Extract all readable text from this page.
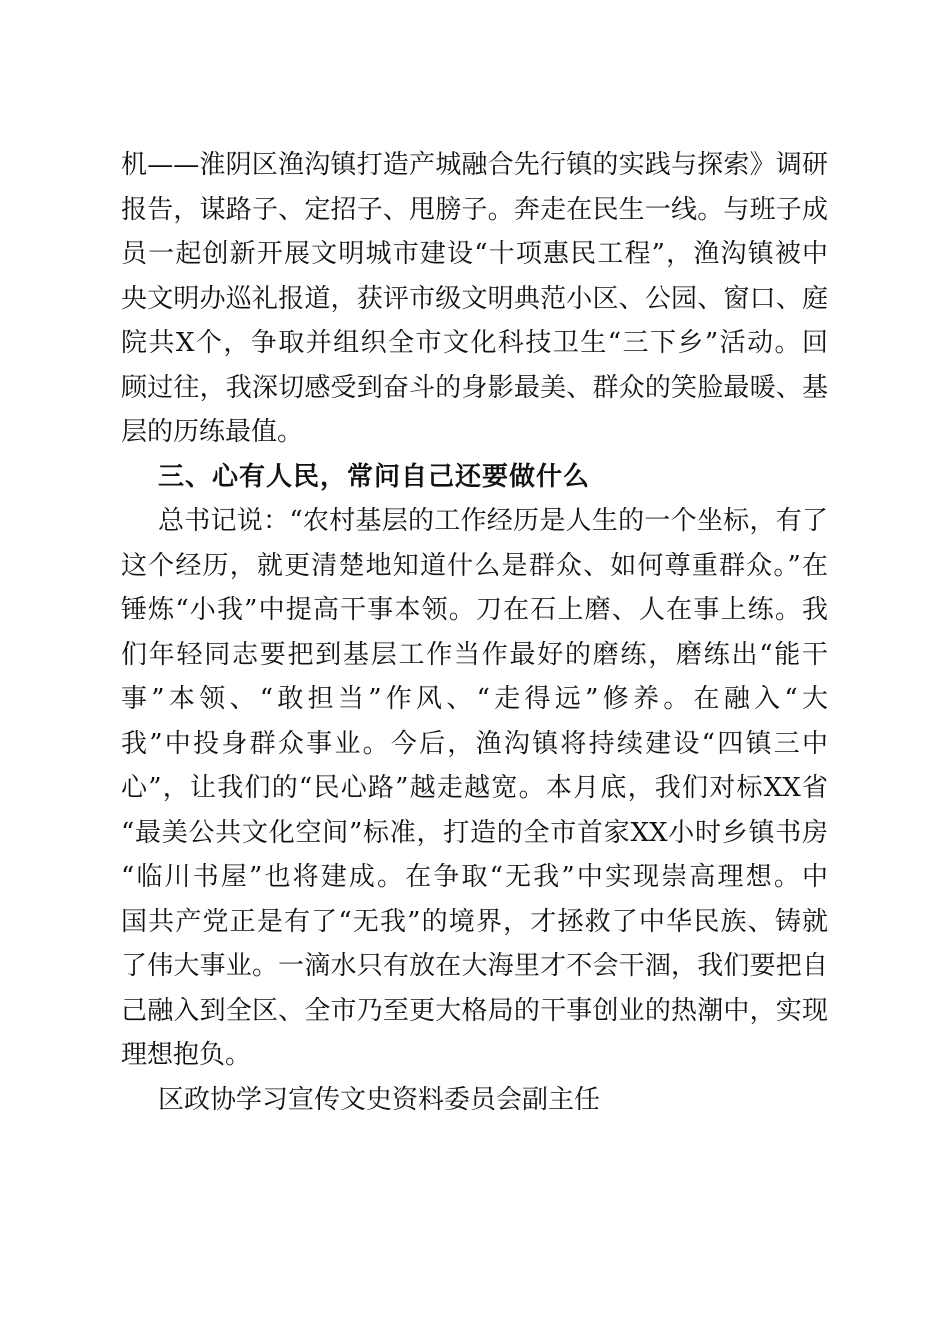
机——淮阴区渔沟镇打造产城融合先行镇的实践与探索》调研
报告，谋路子、定招子、甩膀子。奔走在民生一线。与班子成
员一起创新开展文明城市建设“十项惠民工程”，渔沟镇被中
央文明办巡礼报道，获评市级文明典范小区、公园、窗口、庭
院共X个，争取并组织全市文化科技卫生“三下乡”活动。回
顾过往，我深切感受到奋斗的身影最美、群众的笑脸最暖、基
层的历练最值。
三、心有人民，常问自己还要做什么
总书记说：“农村基层的工作经历是人生的一个坐标，有了
这个经历，就更清楚地知道什么是群众、如何尊重群众。”在
锤炼“小我”中提高干事本领。刀在石上磨、人在事上练。我
们年轻同志要把到基层工作当作最好的磨练，磨练出“能干
事”本领、“敢担当”作风、“走得远”修养。在融入“大
我”中投身群众事业。今后，渔沟镇将持续建设“四镇三中
心”，让我们的“民心路”越走越宽。本月底，我们对标XX省
“最美公共文化空间”标准，打造的全市首家XX小时乡镇书房
“临川书屋”也将建成。在争取“无我”中实现崇高理想。中
国共产党正是有了“无我”的境界，才拯救了中华民族、铸就
了伟大事业。一滴水只有放在大海里才不会干涸，我们要把自
己融入到全区、全市乃至更大格局的干事创业的热潮中，实现
理想抱负。
区政协学习宣传文史资料委员会副主任
